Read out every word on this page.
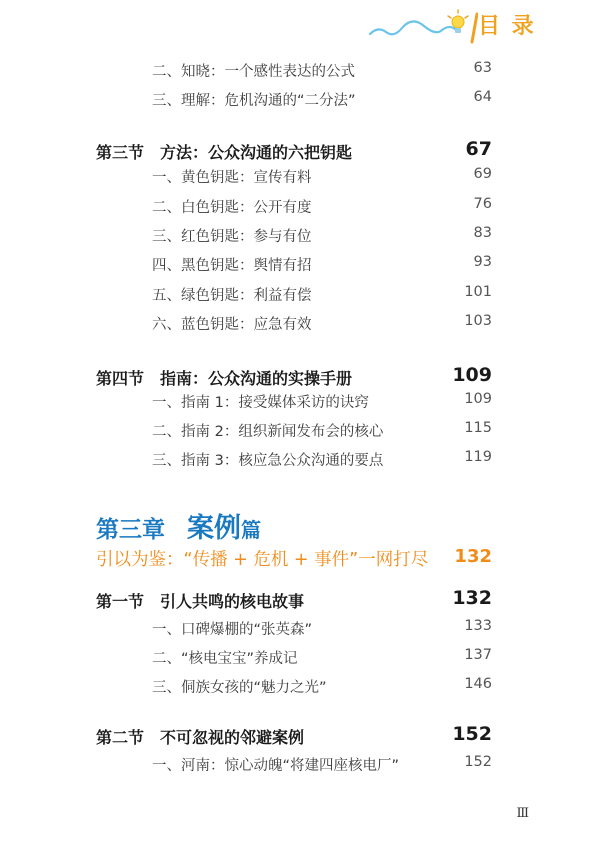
目 录
二、知晓：一个感性表达的公式	63
三、理解：危机沟通的“二分法”	64
第三节　方法：公众沟通的六把钥匙	67
一、黄色钥匙：宣传有料	69
二、白色钥匙：公开有度	76
三、红色钥匙：参与有位	83
四、黑色钥匙：舆情有招	93
五、绿色钥匙：利益有偿	101
六、蓝色钥匙：应急有效	103
第四节　指南：公众沟通的实操手册	109
一、指南 1：接受媒体采访的诀窍	109
二、指南 2：组织新闻发布会的核心	115
三、指南 3：核应急公众沟通的要点	119
第三章 案例篇
引以为鉴：“传播 + 危机 + 事件”一网打尽 132
第一节　引人共鸣的核电故事	132
一、口碑爆棚的“张英森”	133
二、“核电宝宝”养成记	137
三、侗族女孩的“魅力之光”	146
第二节　不可忽视的邻避案例	152
一、河南：惊心动魄“将建四座核电厂”	152
Ⅲ
